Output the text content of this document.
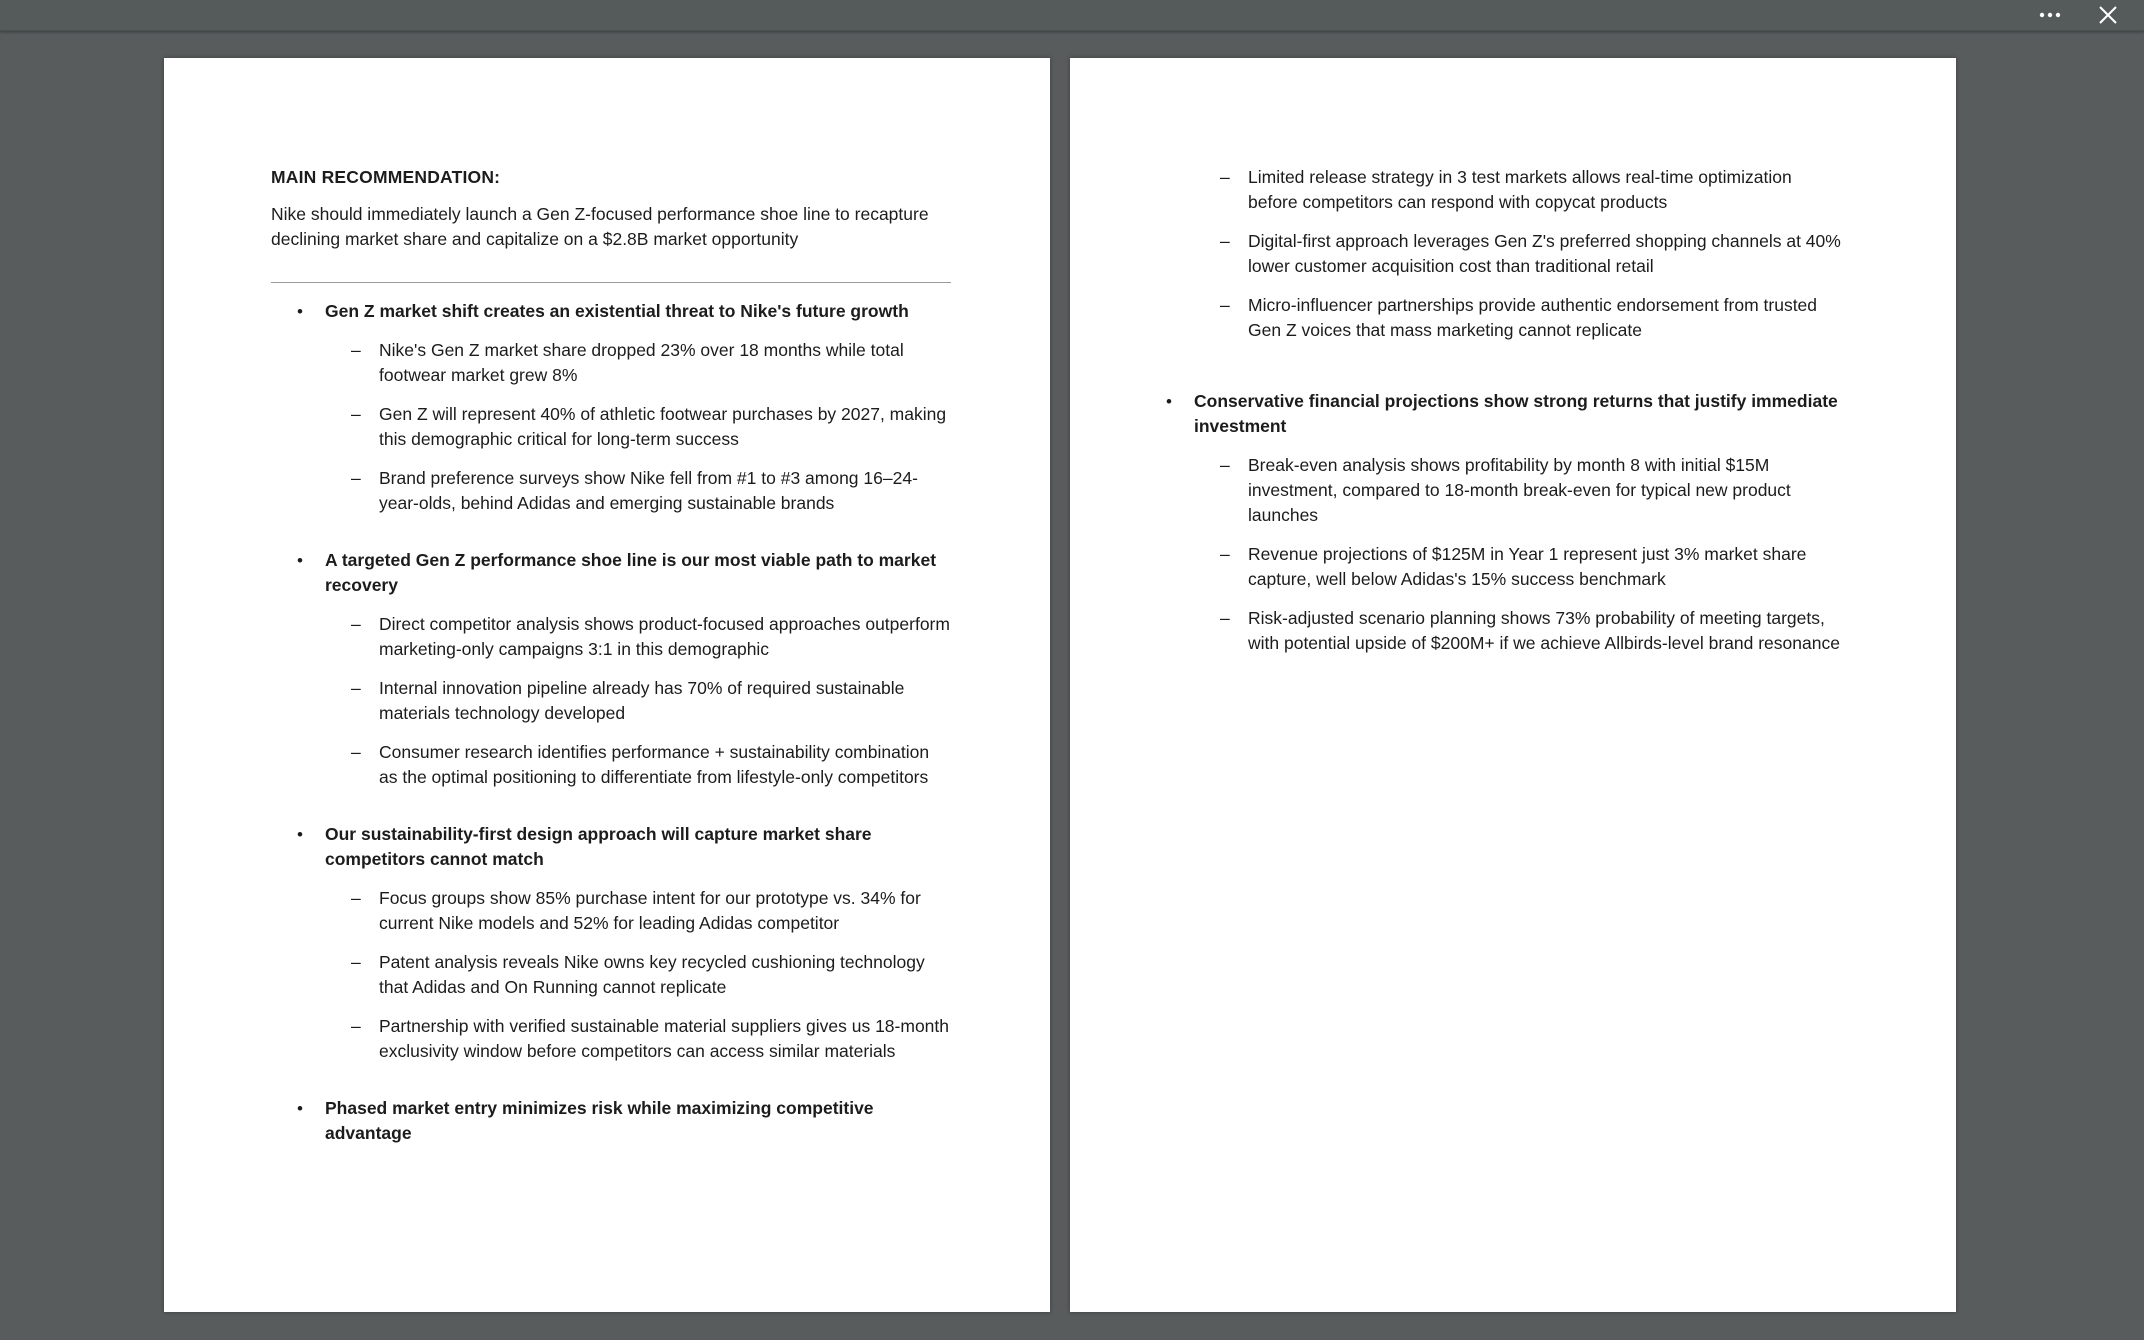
MAIN RECOMMENDATION:

Nike should immediately launch a Gen Z-focused performance shoe line to recapture declining market share and capitalize on a $2.8B market opportunity

• Gen Z market shift creates an existential threat to Nike's future growth

– Nike's Gen Z market share dropped 23% over 18 months while total footwear market grew 8%
– Gen Z will represent 40% of athletic footwear purchases by 2027, making this demographic critical for long-term success
– Brand preference surveys show Nike fell from #1 to #3 among 16–24-year-olds, behind Adidas and emerging sustainable brands
• A targeted Gen Z performance shoe line is our most viable path to market recovery

– Direct competitor analysis shows product-focused approaches outperform marketing-only campaigns 3:1 in this demographic
– Internal innovation pipeline already has 70% of required sustainable materials technology developed
– Consumer research identifies performance + sustainability combination as the optimal positioning to differentiate from lifestyle-only competitors
• Our sustainability-first design approach will capture market share competitors cannot match

– Focus groups show 85% purchase intent for our prototype vs. 34% for current Nike models and 52% for leading Adidas competitor
– Patent analysis reveals Nike owns key recycled cushioning technology that Adidas and On Running cannot replicate
– Partnership with verified sustainable material suppliers gives us 18-month exclusivity window before competitors can access similar materials
• Phased market entry minimizes risk while maximizing competitive advantage

– Limited release strategy in 3 test markets allows real-time optimization before competitors can respond with copycat products
– Digital-first approach leverages Gen Z's preferred shopping channels at 40% lower customer acquisition cost than traditional retail
– Micro-influencer partnerships provide authentic endorsement from trusted Gen Z voices that mass marketing cannot replicate
• Conservative financial projections show strong returns that justify immediate investment

– Break-even analysis shows profitability by month 8 with initial $15M investment, compared to 18-month break-even for typical new product launches
– Revenue projections of $125M in Year 1 represent just 3% market share capture, well below Adidas's 15% success benchmark
– Risk-adjusted scenario planning shows 73% probability of meeting targets, with potential upside of $200M+ if we achieve Allbirds-level brand resonance
